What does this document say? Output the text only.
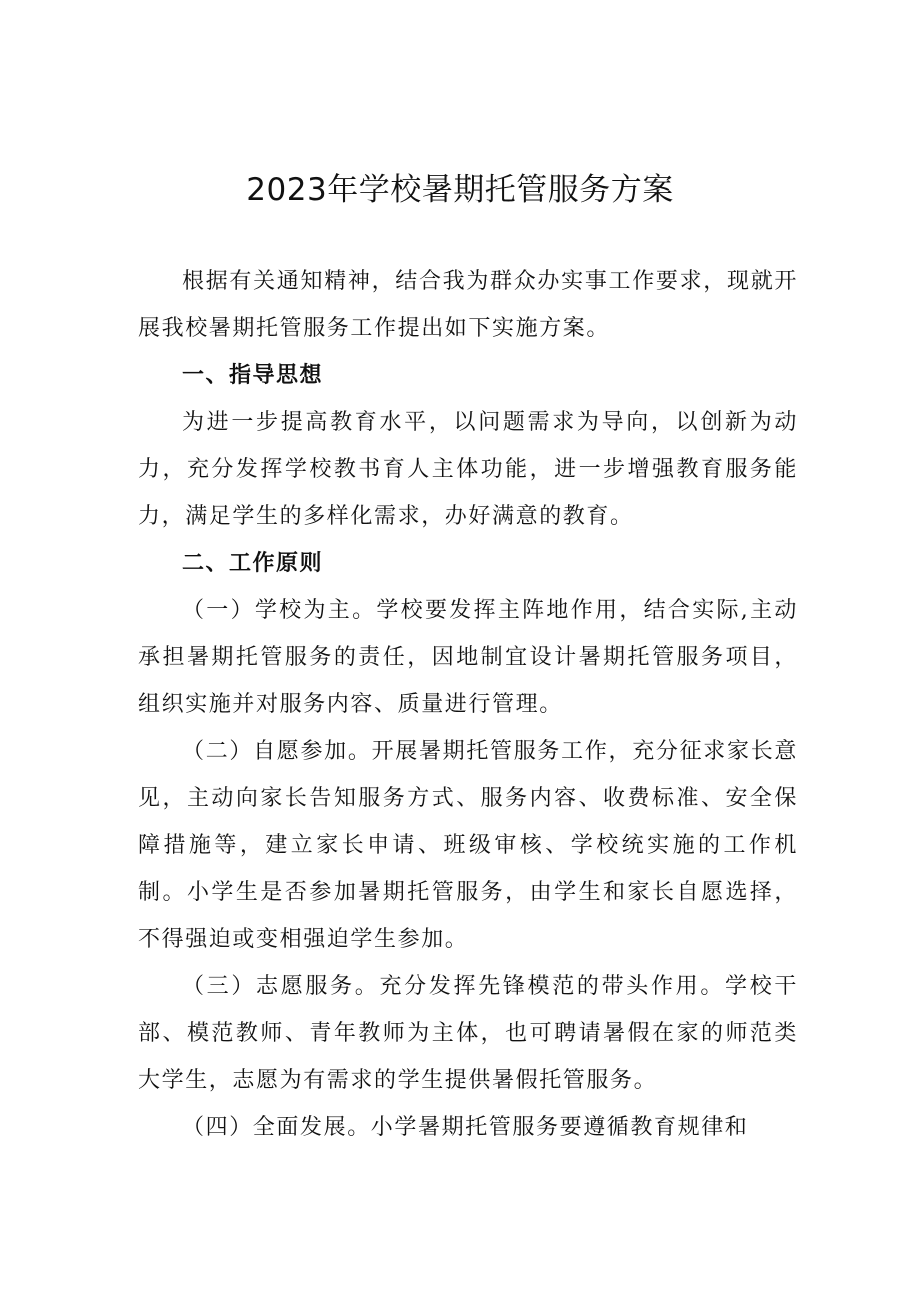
2023年学校暑期托管服务方案

根据有关通知精神，结合我为群众办实事工作要求，现就开展我校暑期托管服务工作提出如下实施方案。

一、指导思想

为进一步提高教育水平，以问题需求为导向，以创新为动力，充分发挥学校教书育人主体功能，进一步增强教育服务能力，满足学生的多样化需求，办好满意的教育。

二、工作原则

（一）学校为主。学校要发挥主阵地作用，结合实际,主动承担暑期托管服务的责任，因地制宜设计暑期托管服务项目，组织实施并对服务内容、质量进行管理。

（二）自愿参加。开展暑期托管服务工作，充分征求家长意见，主动向家长告知服务方式、服务内容、收费标准、安全保障措施等，建立家长申请、班级审核、学校统实施的工作机制。小学生是否参加暑期托管服务，由学生和家长自愿选择，不得强迫或变相强迫学生参加。

（三）志愿服务。充分发挥先锋模范的带头作用。学校干部、模范教师、青年教师为主体，也可聘请暑假在家的师范类大学生，志愿为有需求的学生提供暑假托管服务。

（四）全面发展。小学暑期托管服务要遵循教育规律和
